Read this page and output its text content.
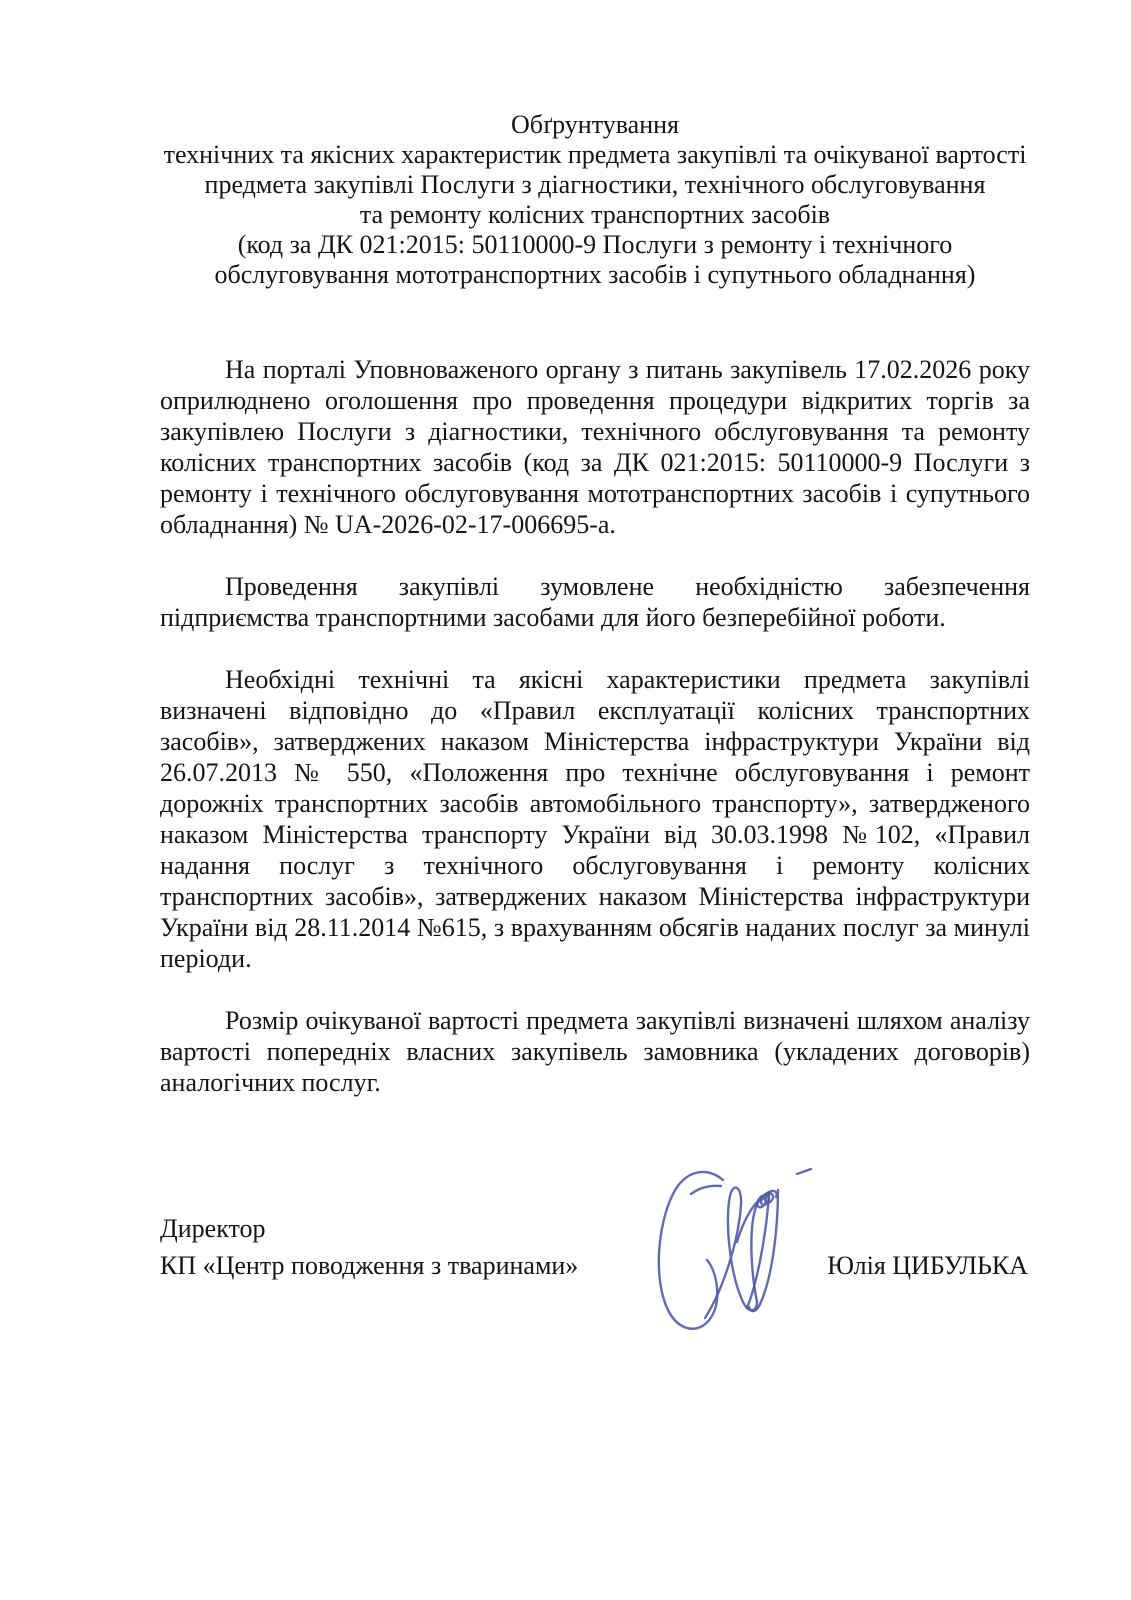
Обґрунтування
технічних та якісних характеристик предмета закупівлі та очікуваної вартості
предмета закупівлі Послуги з діагностики, технічного обслуговування
та ремонту колісних транспортних засобів
(код за ДК 021:2015: 50110000-9 Послуги з ремонту і технічного
обслуговування мототранспортних засобів і супутнього обладнання)

На порталі Уповноваженого органу з питань закупівель 17.02.2026 року оприлюднено оголошення про проведення процедури відкритих торгів за закупівлею Послуги з діагностики, технічного обслуговування та ремонту колісних транспортних засобів (код за ДК 021:2015: 50110000-9 Послуги з ремонту і технічного обслуговування мототранспортних засобів і супутнього обладнання) № UA-2026-02-17-006695-a.

Проведення закупівлі зумовлене необхідністю забезпечення підприємства транспортними засобами для його безперебійної роботи.

Необхідні технічні та якісні характеристики предмета закупівлі визначені відповідно до «Правил експлуатації колісних транспортних засобів», затверджених наказом Міністерства інфраструктури України від 26.07.2013 № 550, «Положення про технічне обслуговування і ремонт дорожніх транспортних засобів автомобільного транспорту», затвердженого наказом Міністерства транспорту України від 30.03.1998 №102, «Правил надання послуг з технічного обслуговування і ремонту колісних транспортних засобів», затверджених наказом Міністерства інфраструктури України від 28.11.2014 №615, з врахуванням обсягів наданих послуг за минулі періоди.

Розмір очікуваної вартості предмета закупівлі визначені шляхом аналізу вартості попередніх власних закупівель замовника (укладених договорів) аналогічних послуг.

Директор
КП «Центр поводження з тваринами»	Юлія ЦИБУЛЬКА
